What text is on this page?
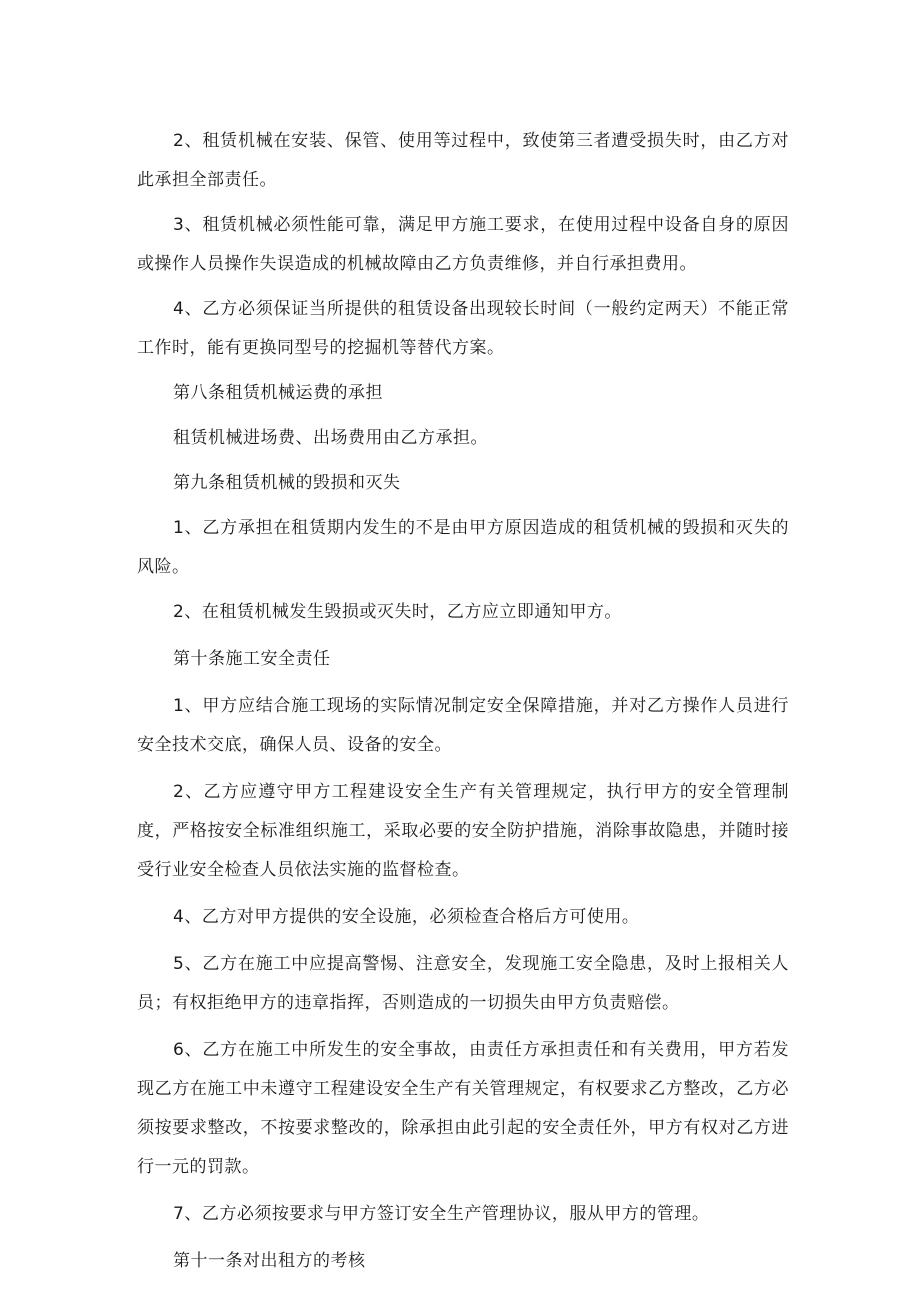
2、租赁机械在安装、保管、使用等过程中，致使第三者遭受损失时，由乙方对此承担全部责任。

3、租赁机械必须性能可靠，满足甲方施工要求，在使用过程中设备自身的原因或操作人员操作失误造成的机械故障由乙方负责维修，并自行承担费用。

4、乙方必须保证当所提供的租赁设备出现较长时间（一般约定两天）不能正常工作时，能有更换同型号的挖掘机等替代方案。

第八条租赁机械运费的承担

租赁机械进场费、出场费用由乙方承担。

第九条租赁机械的毁损和灭失

1、乙方承担在租赁期内发生的不是由甲方原因造成的租赁机械的毁损和灭失的风险。

2、在租赁机械发生毁损或灭失时，乙方应立即通知甲方。

第十条施工安全责任

1、甲方应结合施工现场的实际情况制定安全保障措施，并对乙方操作人员进行安全技术交底，确保人员、设备的安全。

2、乙方应遵守甲方工程建设安全生产有关管理规定，执行甲方的安全管理制度，严格按安全标准组织施工，采取必要的安全防护措施，消除事故隐患，并随时接受行业安全检查人员依法实施的监督检查。

4、乙方对甲方提供的安全设施，必须检查合格后方可使用。

5、乙方在施工中应提高警惕、注意安全，发现施工安全隐患，及时上报相关人员；有权拒绝甲方的违章指挥，否则造成的一切损失由甲方负责赔偿。

6、乙方在施工中所发生的安全事故，由责任方承担责任和有关费用，甲方若发现乙方在施工中未遵守工程建设安全生产有关管理规定，有权要求乙方整改，乙方必须按要求整改，不按要求整改的，除承担由此引起的安全责任外，甲方有权对乙方进行一元的罚款。

7、乙方必须按要求与甲方签订安全生产管理协议，服从甲方的管理。

第十一条对出租方的考核
